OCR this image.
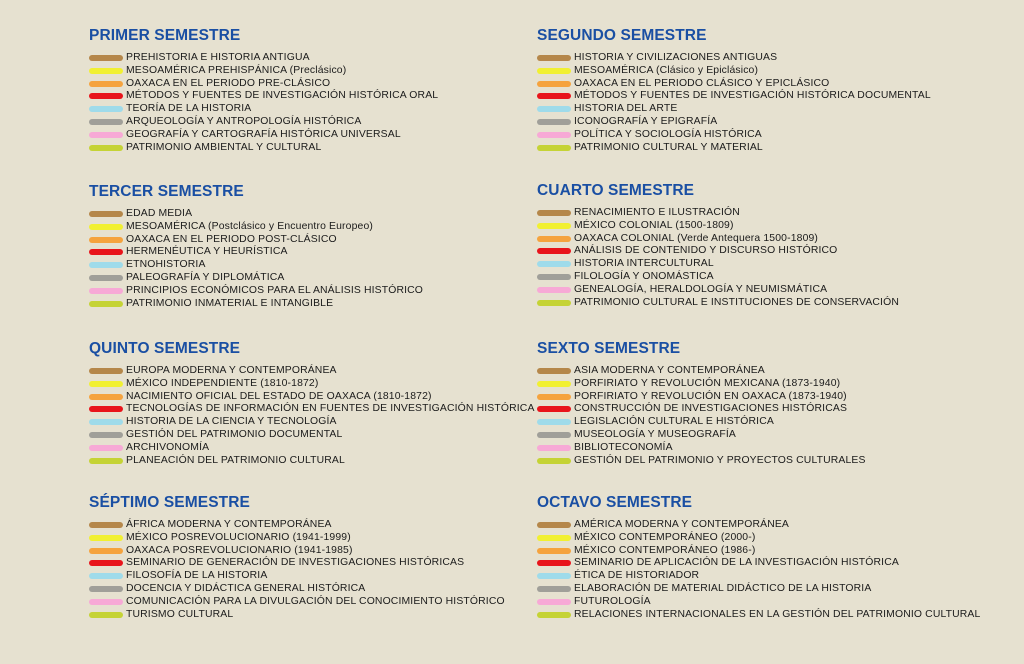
PRIMER SEMESTRE
PREHISTORIA E HISTORIA ANTIGUA
MESOAMÉRICA PREHISPÁNICA (Preclásico)
OAXACA EN EL PERIODO PRE-CLÁSICO
MÉTODOS Y FUENTES DE INVESTIGACIÓN HISTÓRICA ORAL
TEORÍA DE LA HISTORIA
ARQUEOLOGÍA Y ANTROPOLOGÍA HISTÓRICA
GEOGRAFÍA Y CARTOGRAFÍA HISTÓRICA UNIVERSAL
PATRIMONIO AMBIENTAL Y CULTURAL
SEGUNDO SEMESTRE
HISTORIA Y CIVILIZACIONES ANTIGUAS
MESOAMÉRICA (Clásico y Epiclásico)
OAXACA EN EL PERIODO CLÁSICO Y EPICLÁSICO
MÉTODOS Y FUENTES DE INVESTIGACIÓN HISTÓRICA DOCUMENTAL
HISTORIA DEL ARTE
ICONOGRAFÍA Y EPIGRAFÍA
POLÍTICA Y SOCIOLOGÍA HISTÓRICA
PATRIMONIO CULTURAL Y MATERIAL
TERCER SEMESTRE
EDAD MEDIA
MESOAMÉRICA (Postclásico y Encuentro Europeo)
OAXACA EN EL PERIODO POST-CLÁSICO
HERMENÉUTICA Y HEURÍSTICA
ETNOHISTORIA
PALEOGRAFÍA Y DIPLOMÁTICA
PRINCIPIOS ECONÓMICOS PARA EL ANÁLISIS HISTÓRICO
PATRIMONIO INMATERIAL E INTANGIBLE
CUARTO SEMESTRE
RENACIMIENTO E ILUSTRACIÓN
MÉXICO COLONIAL (1500-1809)
OAXACA COLONIAL (Verde Antequera 1500-1809)
ANÁLISIS DE CONTENIDO Y DISCURSO HISTÓRICO
HISTORIA INTERCULTURAL
FILOLOGÍA Y ONOMÁSTICA
GENEALOGÍA, HERALDOLOGÍA Y NEUMISMÁTICA
PATRIMONIO CULTURAL E INSTITUCIONES DE CONSERVACIÓN
QUINTO SEMESTRE
EUROPA MODERNA Y CONTEMPORÁNEA
MÉXICO INDEPENDIENTE (1810-1872)
NACIMIENTO OFICIAL DEL ESTADO DE OAXACA (1810-1872)
TECNOLOGÍAS DE INFORMACIÓN EN FUENTES DE INVESTIGACIÓN HISTÓRICA
HISTORIA DE LA CIENCIA Y TECNOLOGÍA
GESTIÓN DEL PATRIMONIO DOCUMENTAL
ARCHIVONOMÍA
PLANEACIÓN DEL PATRIMONIO CULTURAL
SEXTO SEMESTRE
ASIA MODERNA Y CONTEMPORÁNEA
PORFIRIATO Y REVOLUCIÓN MEXICANA (1873-1940)
PORFIRIATO Y REVOLUCIÓN EN OAXACA (1873-1940)
CONSTRUCCIÓN DE INVESTIGACIONES HISTÓRICAS
LEGISLACIÓN CULTURAL E HISTÓRICA
MUSEOLOGÍA Y MUSEOGRAFÍA
BIBLIOTECONOMÍA
GESTIÓN DEL PATRIMONIO Y PROYECTOS CULTURALES
SÉPTIMO SEMESTRE
ÁFRICA MODERNA Y CONTEMPORÁNEA
MÉXICO POSREVOLUCIONARIO (1941-1999)
OAXACA POSREVOLUCIONARIO (1941-1985)
SEMINARIO DE GENERACIÓN DE INVESTIGACIONES HISTÓRICAS
FILOSOFÍA DE LA HISTORIA
DOCENCIA Y DIDÁCTICA GENERAL HISTÓRICA
COMUNICACIÓN PARA LA DIVULGACIÓN DEL CONOCIMIENTO HISTÓRICO
TURISMO CULTURAL
OCTAVO SEMESTRE
AMÉRICA MODERNA Y CONTEMPORÁNEA
MÉXICO CONTEMPORÁNEO (2000-)
MÉXICO CONTEMPORÁNEO (1986-)
SEMINARIO DE APLICACIÓN DE LA INVESTIGACIÓN HISTÓRICA
ÉTICA DE HISTORIADOR
ELABORACIÓN DE MATERIAL DIDÁCTICO DE LA HISTORIA
FUTUROLOGÍA
RELACIONES INTERNACIONALES EN LA GESTIÓN DEL PATRIMONIO CULTURAL
